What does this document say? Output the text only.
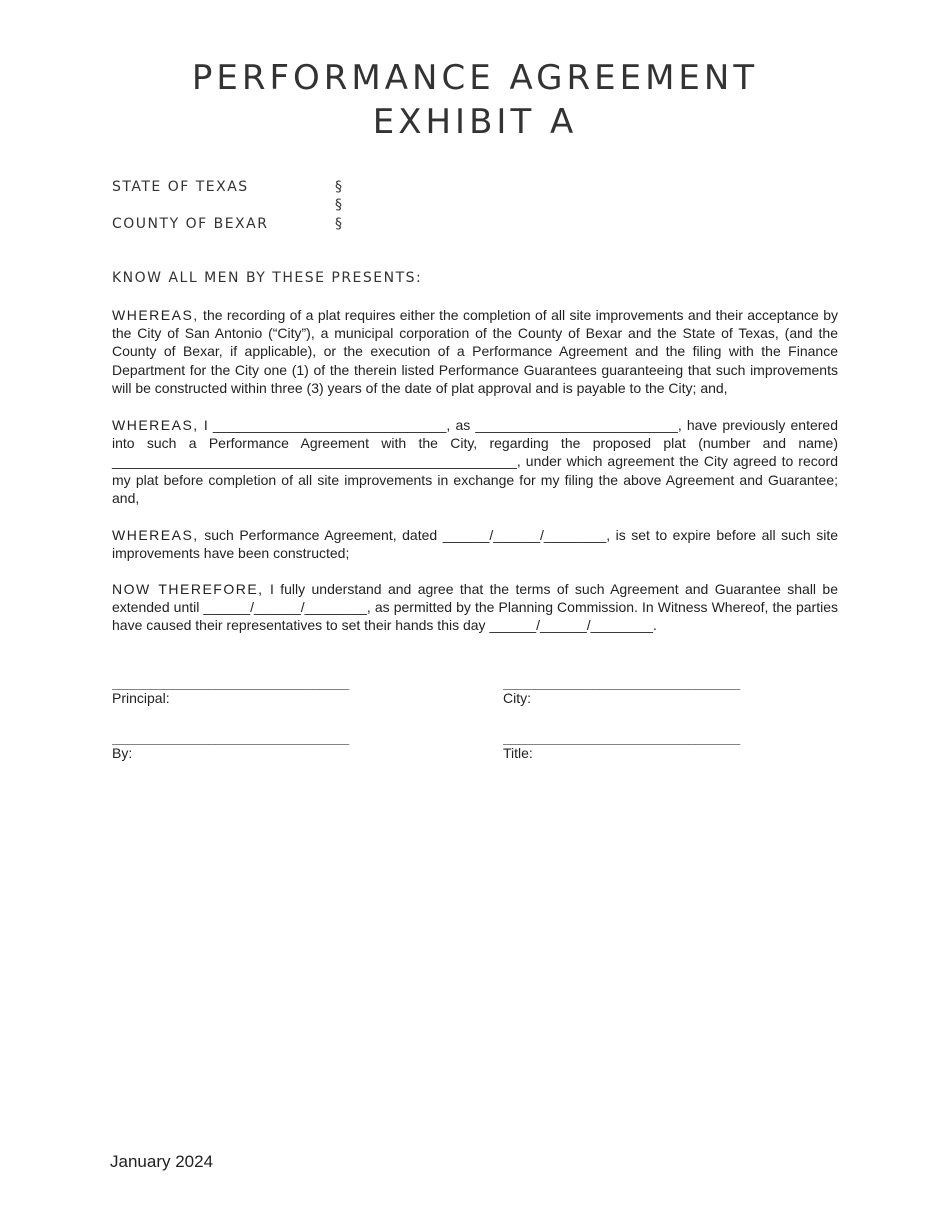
PERFORMANCE AGREEMENT
EXHIBIT A
STATE OF TEXAS	§
§
COUNTY OF BEXAR	§
KNOW ALL MEN BY THESE PRESENTS:

WHEREAS, the recording of a plat requires either the completion of all site improvements and their acceptance by the City of San Antonio (“City”), a municipal corporation of the County of Bexar and the State of Texas, (and the County of Bexar, if applicable), or the execution of a Performance Agreement and the filing with the Finance Department for the City one (1) of the therein listed Performance Guarantees guaranteeing that such improvements will be constructed within three (3) years of the date of plat approval and is payable to the City; and,

WHEREAS, I ______________________________, as __________________________, have previously entered into such a Performance Agreement with the City, regarding the proposed plat (number and name) ____________________________________________________, under which agreement the City agreed to record my plat before completion of all site improvements in exchange for my filing the above Agreement and Guarantee; and,

WHEREAS, such Performance Agreement, dated ______/______/________, is set to expire before all such site improvements have been constructed;

NOW THEREFORE, I fully understand and agree that the terms of such Agreement and Guarantee shall be extended until ______/______/________, as permitted by the Planning Commission. In Witness Whereof, the parties have caused their representatives to set their hands this day ______/______/________.

________________________________
Principal:
________________________________
City:
________________________________
By:
________________________________
Title:
January 2024
